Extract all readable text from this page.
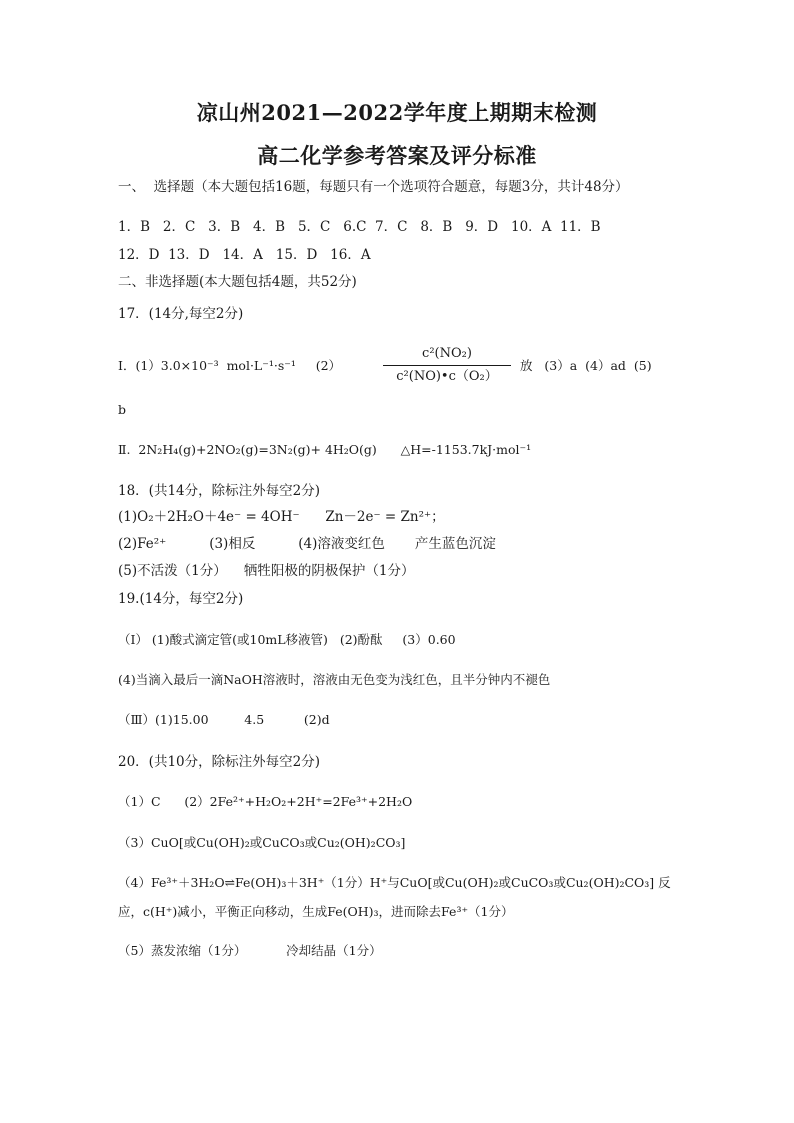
凉山州2021—2022学年度上期期末检测
高二化学参考答案及评分标准
一、  选择题（本大题包括16题，每题只有一个选项符合题意，每题3分，共计48分）
1．B   2．C   3．B   4．B   5．C   6.C  7．C   8．B   9．D   10．A  11．B
12．D  13．D   14．A   15．D   16．A
二、非选择题(本大题包括4题，共52分)
17．(14分,每空2分)
Ⅰ．(1）3.0×10⁻³  mol·L⁻¹·s⁻¹     (2）
c²(NO₂)
c²(NO)•c（O₂）
放   (3）a  (4）ad  (5)
b
Ⅱ.  2N₂H₄(g)+2NO₂(g)=3N₂(g)+ 4H₂O(g)      △H=-1153.7kJ·mol⁻¹
18．(共14分，除标注外每空2分)
(1)O₂＋2H₂O＋4e⁻ = 4OH⁻      Zn－2e⁻ = Zn²⁺；
(2)Fe²⁺          (3)相反          (4)溶液变红色       产生蓝色沉淀
(5)不活泼（1分）    牺牲阳极的阴极保护（1分）
19.(14分，每空2分)
（Ⅰ） (1)酸式滴定管(或10mL移液管)   (2)酚酞     (3）0.60
(4)当滴入最后一滴NaOH溶液时，溶液由无色变为浅红色，且半分钟内不褪色
（Ⅲ）(1)15.00         4.5          (2)d
20．(共10分，除标注外每空2分)
（1）C      (2）2Fe²⁺+H₂O₂+2H⁺=2Fe³⁺+2H₂O
（3）CuO[或Cu(OH)₂或CuCO₃或Cu₂(OH)₂CO₃]
（4）Fe³⁺＋3H₂O⇌Fe(OH)₃＋3H⁺（1分）H⁺与CuO[或Cu(OH)₂或CuCO₃或Cu₂(OH)₂CO₃] 反
应，c(H⁺)减小，平衡正向移动，生成Fe(OH)₃，进而除去Fe³⁺（1分）
（5）蒸发浓缩（1分）          冷却结晶（1分）
